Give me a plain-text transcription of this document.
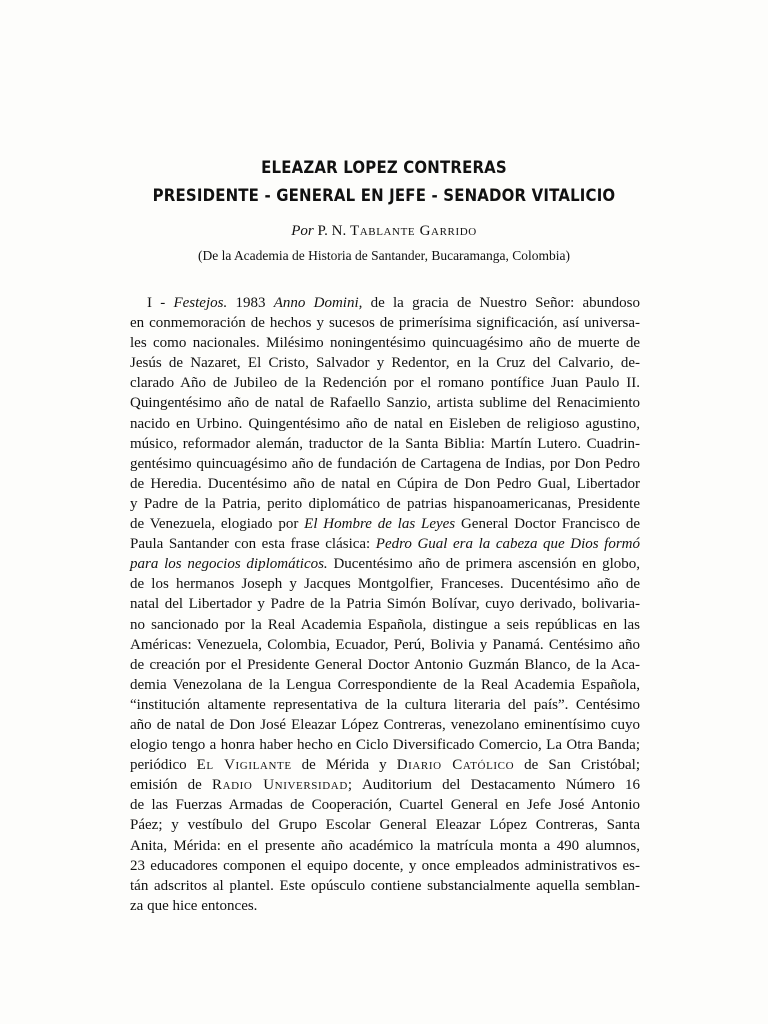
ELEAZAR LOPEZ CONTRERAS
PRESIDENTE - GENERAL EN JEFE - SENADOR VITALICIO
Por P. N. Tablante Garrido
(De la Academia de Historia de Santander, Bucaramanga, Colombia)
I - Festejos. 1983 Anno Domini, de la gracia de Nuestro Señor: abundoso
en conmemoración de hechos y sucesos de primerísima significación, así universa-
les como nacionales. Milésimo noningentésimo quincuagésimo año de muerte de
Jesús de Nazaret, El Cristo, Salvador y Redentor, en la Cruz del Calvario, de-
clarado Año de Jubileo de la Redención por el romano pontífice Juan Paulo II.
Quingentésimo año de natal de Rafaello Sanzio, artista sublime del Renacimiento
nacido en Urbino. Quingentésimo año de natal en Eisleben de religioso agustino,
músico, reformador alemán, traductor de la Santa Biblia: Martín Lutero. Cuadrin-
gentésimo quincuagésimo año de fundación de Cartagena de Indias, por Don Pedro
de Heredia. Ducentésimo año de natal en Cúpira de Don Pedro Gual, Libertador
y Padre de la Patria, perito diplomático de patrias hispanoamericanas, Presidente
de Venezuela, elogiado por El Hombre de las Leyes General Doctor Francisco de
Paula Santander con esta frase clásica: Pedro Gual era la cabeza que Dios formó
para los negocios diplomáticos. Ducentésimo año de primera ascensión en globo,
de los hermanos Joseph y Jacques Montgolfier, Franceses. Ducentésimo año de
natal del Libertador y Padre de la Patria Simón Bolívar, cuyo derivado, bolivaria-
no sancionado por la Real Academia Española, distingue a seis repúblicas en las
Américas: Venezuela, Colombia, Ecuador, Perú, Bolivia y Panamá. Centésimo año
de creación por el Presidente General Doctor Antonio Guzmán Blanco, de la Aca-
demia Venezolana de la Lengua Correspondiente de la Real Academia Española,
“institución altamente representativa de la cultura literaria del país”. Centésimo
año de natal de Don José Eleazar López Contreras, venezolano eminentísimo cuyo
elogio tengo a honra haber hecho en Ciclo Diversificado Comercio, La Otra Banda;
periódico El Vigilante de Mérida y Diario Católico de San Cristóbal;
emisión de Radio Universidad; Auditorium del Destacamento Número 16
de las Fuerzas Armadas de Cooperación, Cuartel General en Jefe José Antonio
Páez; y vestíbulo del Grupo Escolar General Eleazar López Contreras, Santa
Anita, Mérida: en el presente año académico la matrícula monta a 490 alumnos,
23 educadores componen el equipo docente, y once empleados administrativos es-
tán adscritos al plantel. Este opúsculo contiene substancialmente aquella semblan-
za que hice entonces.
